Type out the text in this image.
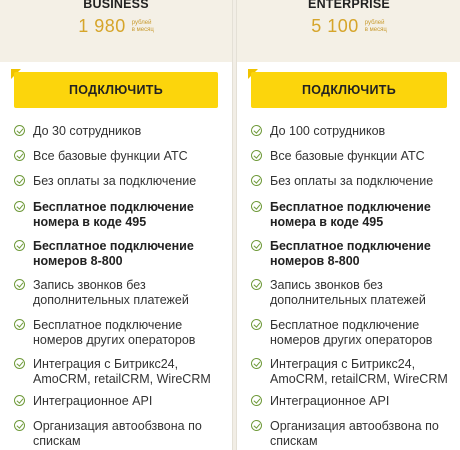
BUSINESS
1 980 рублей
в месяц
ПОДКЛЮЧИТЬ
До 30 сотрудников
Все базовые функции АТС
Без оплаты за подключение
Бесплатное подключение номера в коде 495
Бесплатное подключение номеров 8-800
Запись звонков без дополнительных платежей
Бесплатное подключение номеров других операторов
Интеграция с Битрикс24, AmoCRM, retailCRM, WireCRM
Интеграционное API
Организация автообзвона по спискам
ENTERPRISE
5 100 рублей
в месяц
ПОДКЛЮЧИТЬ
До 100 сотрудников
Все базовые функции АТС
Без оплаты за подключение
Бесплатное подключение номера в коде 495
Бесплатное подключение номеров 8-800
Запись звонков без дополнительных платежей
Бесплатное подключение номеров других операторов
Интеграция с Битрикс24, AmoCRM, retailCRM, WireCRM
Интеграционное API
Организация автообзвона по спискам
